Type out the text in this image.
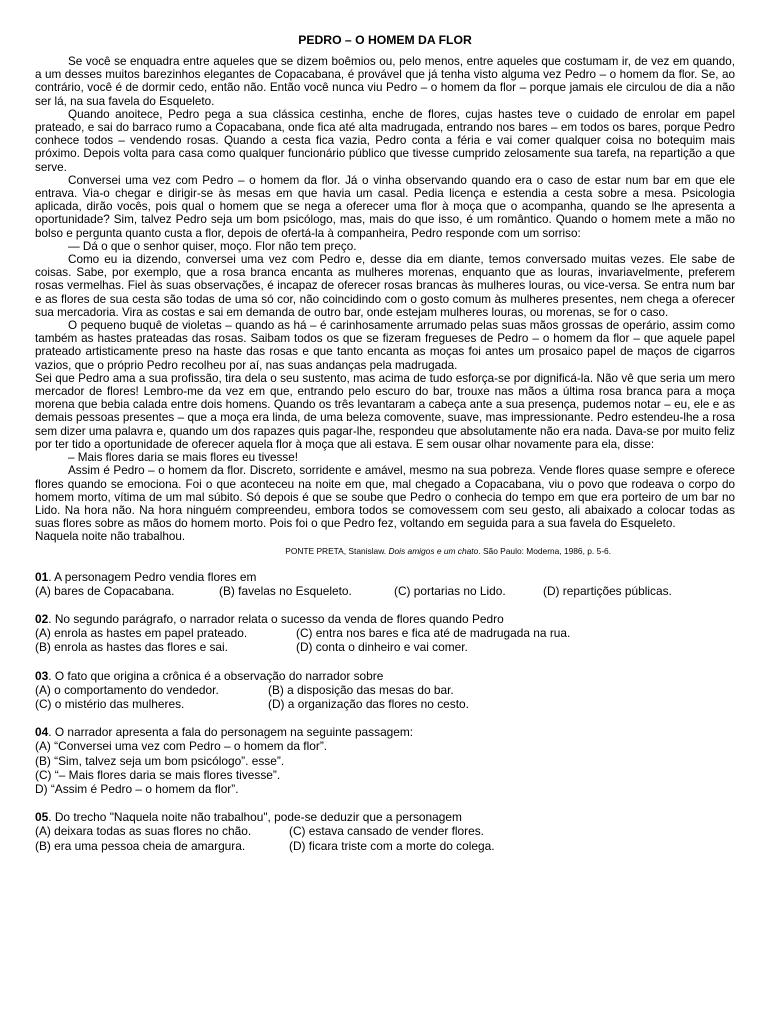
PEDRO – O HOMEM DA FLOR

Se você se enquadra entre aqueles que se dizem boêmios ou, pelo menos, entre aqueles que costumam ir, de vez em quando, a um desses muitos barezinhos elegantes de Copacabana, é provável que já tenha visto alguma vez Pedro – o homem da flor. Se, ao contrário, você é de dormir cedo, então não. Então você nunca viu Pedro – o homem da flor – porque jamais ele circulou de dia a não ser lá, na sua favela do Esqueleto.

Quando anoitece, Pedro pega a sua clássica cestinha, enche de flores, cujas hastes teve o cuidado de enrolar em papel prateado, e sai do barraco rumo a Copacabana, onde fica até alta madrugada, entrando nos bares – em todos os bares, porque Pedro conhece todos – vendendo rosas. Quando a cesta fica vazia, Pedro conta a féria e vai comer qualquer coisa no botequim mais próximo. Depois volta para casa como qualquer funcionário público que tivesse cumprido zelosamente sua tarefa, na repartição a que serve.

Conversei uma vez com Pedro – o homem da flor. Já o vinha observando quando era o caso de estar num bar em que ele entrava. Via-o chegar e dirigir-se às mesas em que havia um casal. Pedia licença e estendia a cesta sobre a mesa. Psicologia aplicada, dirão vocês, pois qual o homem que se nega a oferecer uma flor à moça que o acompanha, quando se lhe apresenta a oportunidade? Sim, talvez Pedro seja um bom psicólogo, mas, mais do que isso, é um romântico. Quando o homem mete a mão no bolso e pergunta quanto custa a flor, depois de ofertá-la à companheira, Pedro responde com um sorriso:

— Dá o que o senhor quiser, moço. Flor não tem preço.

Como eu ia dizendo, conversei uma vez com Pedro e, desse dia em diante, temos conversado muitas vezes. Ele sabe de coisas. Sabe, por exemplo, que a rosa branca encanta as mulheres morenas, enquanto que as louras, invariavelmente, preferem rosas vermelhas. Fiel às suas observações, é incapaz de oferecer rosas brancas às mulheres louras, ou vice-versa. Se entra num bar e as flores de sua cesta são todas de uma só cor, não coincidindo com o gosto comum às mulheres presentes, nem chega a oferecer sua mercadoria. Vira as costas e sai em demanda de outro bar, onde estejam mulheres louras, ou morenas, se for o caso.

O pequeno buquê de violetas – quando as há – é carinhosamente arrumado pelas suas mãos grossas de operário, assim como também as hastes prateadas das rosas. Saibam todos os que se fizeram fregueses de Pedro – o homem da flor – que aquele papel prateado artisticamente preso na haste das rosas e que tanto encanta as moças foi antes um prosaico papel de maços de cigarros vazios, que o próprio Pedro recolheu por aí, nas suas andanças pela madrugada.

Sei que Pedro ama a sua profissão, tira dela o seu sustento, mas acima de tudo esforça-se por dignificá-la. Não vê que seria um mero mercador de flores! Lembro-me da vez em que, entrando pelo escuro do bar, trouxe nas mãos a última rosa branca para a moça morena que bebia calada entre dois homens. Quando os três levantaram a cabeça ante a sua presença, pudemos notar – eu, ele e as demais pessoas presentes – que a moça era linda, de uma beleza comovente, suave, mas impressionante. Pedro estendeu-lhe a rosa sem dizer uma palavra e, quando um dos rapazes quis pagar-lhe, respondeu que absolutamente não era nada. Dava-se por muito feliz por ter tido a oportunidade de oferecer aquela flor à moça que ali estava. E sem ousar olhar novamente para ela, disse:

– Mais flores daria se mais flores eu tivesse!

Assim é Pedro – o homem da flor. Discreto, sorridente e amável, mesmo na sua pobreza. Vende flores quase sempre e oferece flores quando se emociona. Foi o que aconteceu na noite em que, mal chegado a Copacabana, viu o povo que rodeava o corpo do homem morto, vítima de um mal súbito. Só depois é que se soube que Pedro o conhecia do tempo em que era porteiro de um bar no Lido. Na hora não. Na hora ninguém compreendeu, embora todos se comovessem com seu gesto, ali abaixado a colocar todas as suas flores sobre as mãos do homem morto. Pois foi o que Pedro fez, voltando em seguida para a sua favela do Esqueleto.

Naquela noite não trabalhou.

PONTE PRETA, Stanislaw. Dois amigos e um chato. São Paulo: Moderna, 1986, p. 5-6.
01. A personagem Pedro vendia flores em
(A) bares de Copacabana.	(B) favelas no Esqueleto.	(C) portarias no Lido.	(D) repartições públicas.
02. No segundo parágrafo, o narrador relata o sucesso da venda de flores quando Pedro
(A) enrola as hastes em papel prateado.	(C) entra nos bares e fica até de madrugada na rua.
(B) enrola as hastes das flores e sai.	(D) conta o dinheiro e vai comer.
03. O fato que origina a crônica é a observação do narrador sobre
(A) o comportamento do vendedor.	(B) a disposição das mesas do bar.
(C) o mistério das mulheres.	(D) a organização das flores no cesto.
04. O narrador apresenta a fala do personagem na seguinte passagem:
(A) “Conversei uma vez com Pedro – o homem da flor”.
(B) “Sim, talvez seja um bom psicólogo”. esse”.
(C) “– Mais flores daria se mais flores tivesse”.
D) “Assim é Pedro – o homem da flor”.
05. Do trecho "Naquela noite não trabalhou", pode-se deduzir que a personagem
(A) deixara todas as suas flores no chão.	(C) estava cansado de vender flores.
(B) era uma pessoa cheia de amargura.	(D) ficara triste com a morte do colega.
